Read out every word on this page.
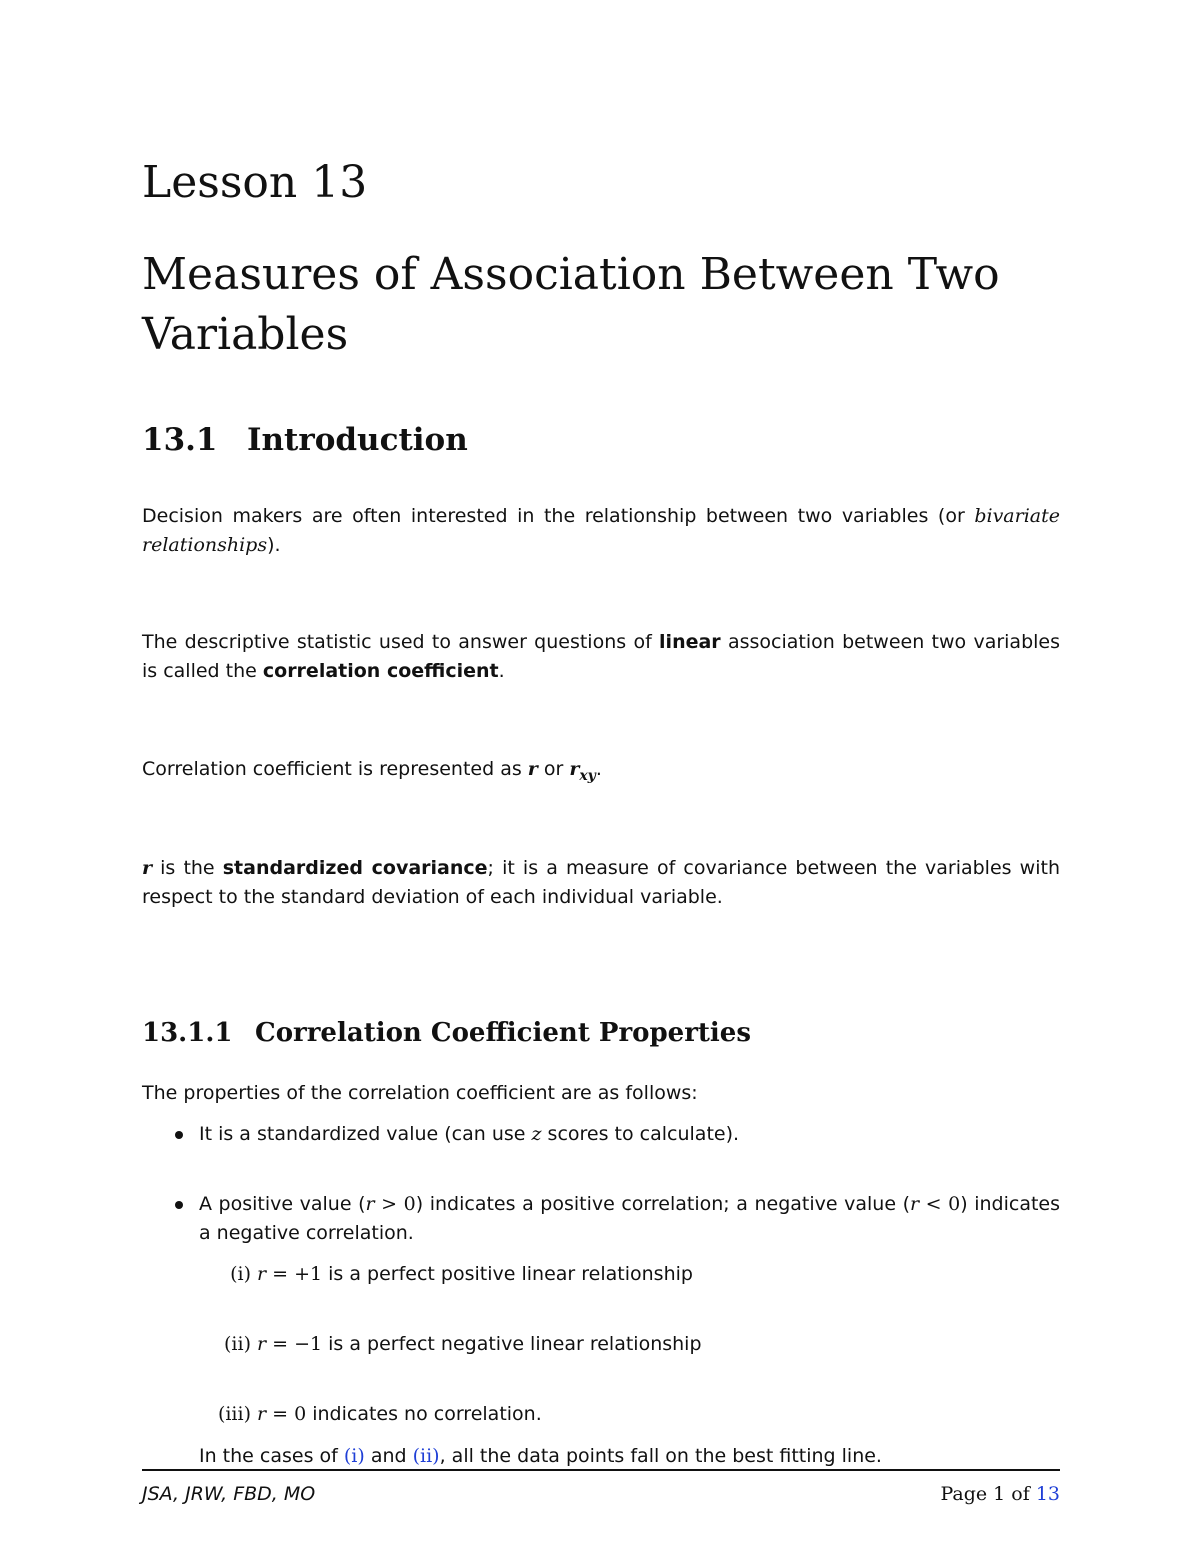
Lesson 13
Measures of Association Between Two Variables
13.1 Introduction

Decision makers are often interested in the relationship between two variables (or bivariate relationships).

The descriptive statistic used to answer questions of linear association between two variables is called the correlation coefficient.

Correlation coefficient is represented as r or $r_{xy}$.

r is the standardized covariance; it is a measure of covariance between the variables with respect to the standard deviation of each individual variable.

13.1.1 Correlation Coefficient Properties

The properties of the correlation coefficient are as follows:

It is a standardized value (can use z scores to calculate).
A positive value (r > 0) indicates a positive correlation; a negative value (r < 0) indicates a negative correlation.
(i) r = +1 is a perfect positive linear relationship
(ii) r = −1 is a perfect negative linear relationship
(iii) r = 0 indicates no correlation.
In the cases of (i) and (ii), all the data points fall on the best fitting line.
JSA, JRW, FBD, MO	Page 1 of 13
